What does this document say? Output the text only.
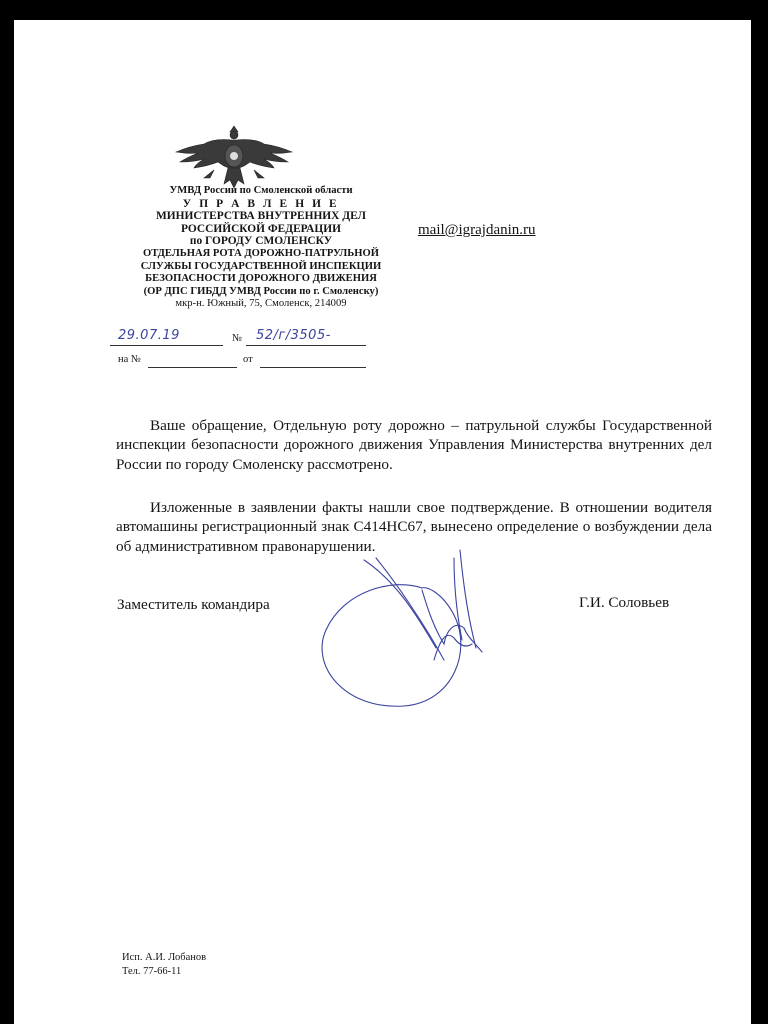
УМВД России по Смоленской области
У П Р А В Л Е Н И Е
МИНИСТЕРСТВА ВНУТРЕННИХ ДЕЛ
РОССИЙСКОЙ ФЕДЕРАЦИИ
по ГОРОДУ СМОЛЕНСКУ
ОТДЕЛЬНАЯ РОТА ДОРОЖНО-ПАТРУЛЬНОЙ
СЛУЖБЫ ГОСУДАРСТВЕННОЙ ИНСПЕКЦИИ
БЕЗОПАСНОСТИ ДОРОЖНОГО ДВИЖЕНИЯ
(ОР ДПС ГИБДД УМВД России по г. Смоленску)
мкр-н. Южный, 75, Смоленск, 214009
29.07.19	№ 52/г/3505-
на №	от
mail@igrajdanin.ru

Ваше обращение, Отдельную роту дорожно – патрульной службы Государственной инспекции безопасности дорожного движения Управления Министерства внутренних дел России по городу Смоленску рассмотрено.

Изложенные в заявлении факты нашли свое подтверждение. В отношении водителя автомашины регистрационный знак С414НС67, вынесено определение о возбуждении дела об административном правонарушении.

Заместитель командира	Г.И. Соловьев
Исп. А.И. Лобанов
Тел. 77-66-11
